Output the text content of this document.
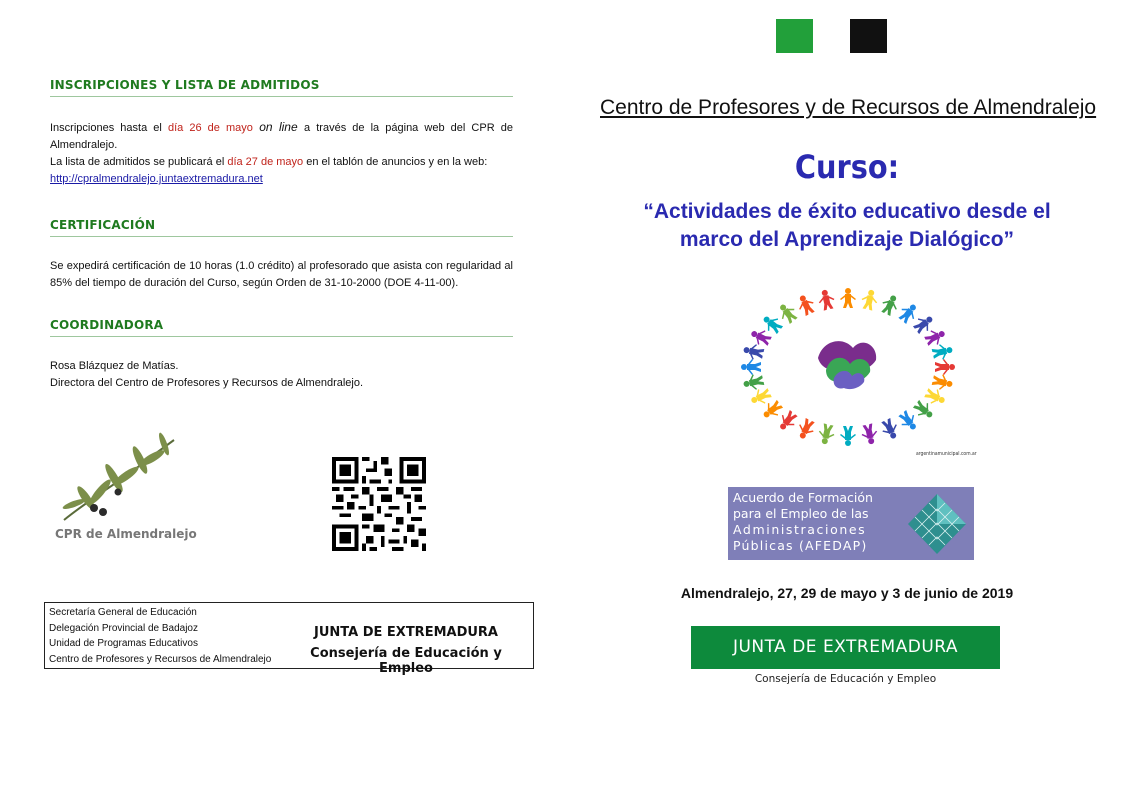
INSCRIPCIONES Y LISTA DE ADMITIDOS
Inscripciones hasta el día 26 de mayo on line a través de la página web del CPR de Almendralejo.
La lista de admitidos se publicará el día 27 de mayo en el tablón de anuncios y en la web:
http://cpralmendralejo.juntaextremadura.net
CERTIFICACIÓN
Se expedirá certificación de 10 horas (1.0 crédito) al profesorado que asista con regularidad al 85% del tiempo de duración del Curso, según Orden de 31-10-2000 (DOE 4-11-00).
COORDINADORA
Rosa Blázquez de Matías.
Directora del Centro de Profesores y Recursos de Almendralejo.
CPR de Almendralejo
Secretaría General de Educación
Delegación Provincial de Badajoz
Unidad de Programas Educativos
Centro de Profesores y Recursos de Almendralejo
JUNTA DE EXTREMADURA
Consejería de Educación y Empleo
Centro de Profesores y de Recursos de Almendralejo
Curso:
“Actividades de éxito educativo desde el
marco del Aprendizaje Dialógico”
argentinamunicipal.com.ar
Acuerdo de Formación
para el Empleo de las
Administraciones
Públicas (AFEDAP)
Almendralejo, 27, 29 de mayo y 3 de junio de 2019
JUNTA DE EXTREMADURA
Consejería de Educación y Empleo
